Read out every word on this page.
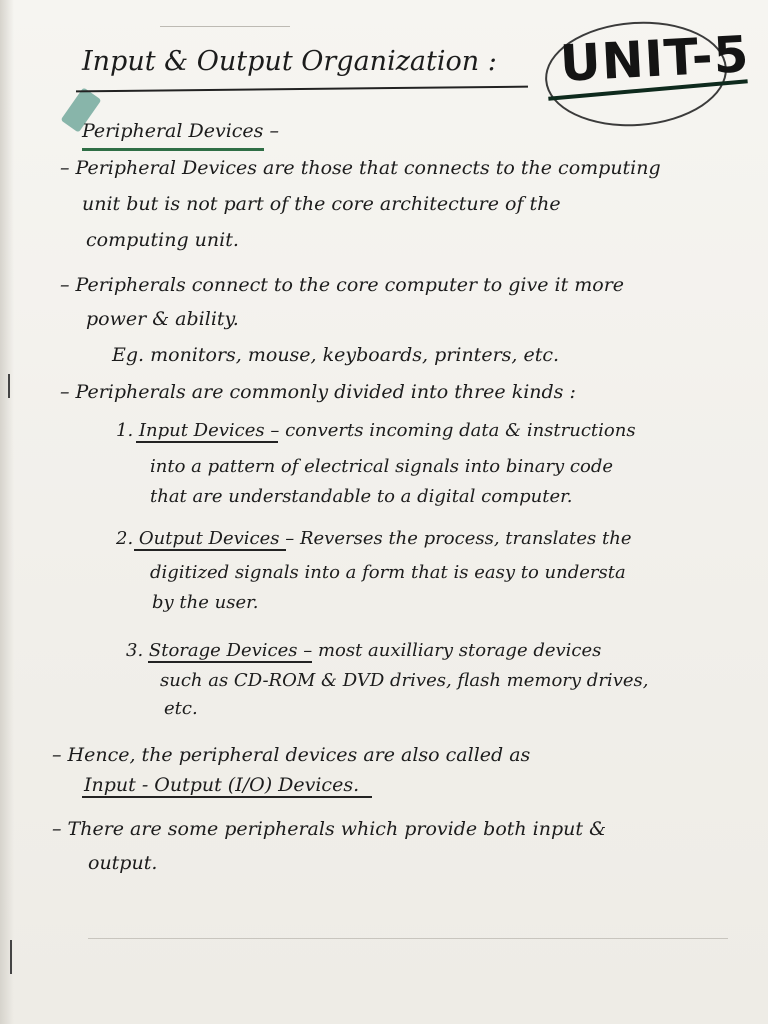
Input & Output Organization : UNIT-5
Peripheral Devices –
– Peripheral Devices are those that connects to the computing
unit but is not part of the core architecture of the
computing unit.
– Peripherals connect to the core computer to give it more
power & ability.
Eg. monitors, mouse, keyboards, printers, etc.
– Peripherals are commonly divided into three kinds :
1. Input Devices – converts incoming data & instructions
into a pattern of electrical signals into binary code
that are understandable to a digital computer.
2. Output Devices – Reverses the process, translates the
digitized signals into a form that is easy to understa
by the user.
3. Storage Devices – most auxilliary storage devices
such as CD-ROM & DVD drives, flash memory drives,
etc.
– Hence, the peripheral devices are also called as
Input - Output (I/O) Devices.
– There are some peripherals which provide both input &
output.
